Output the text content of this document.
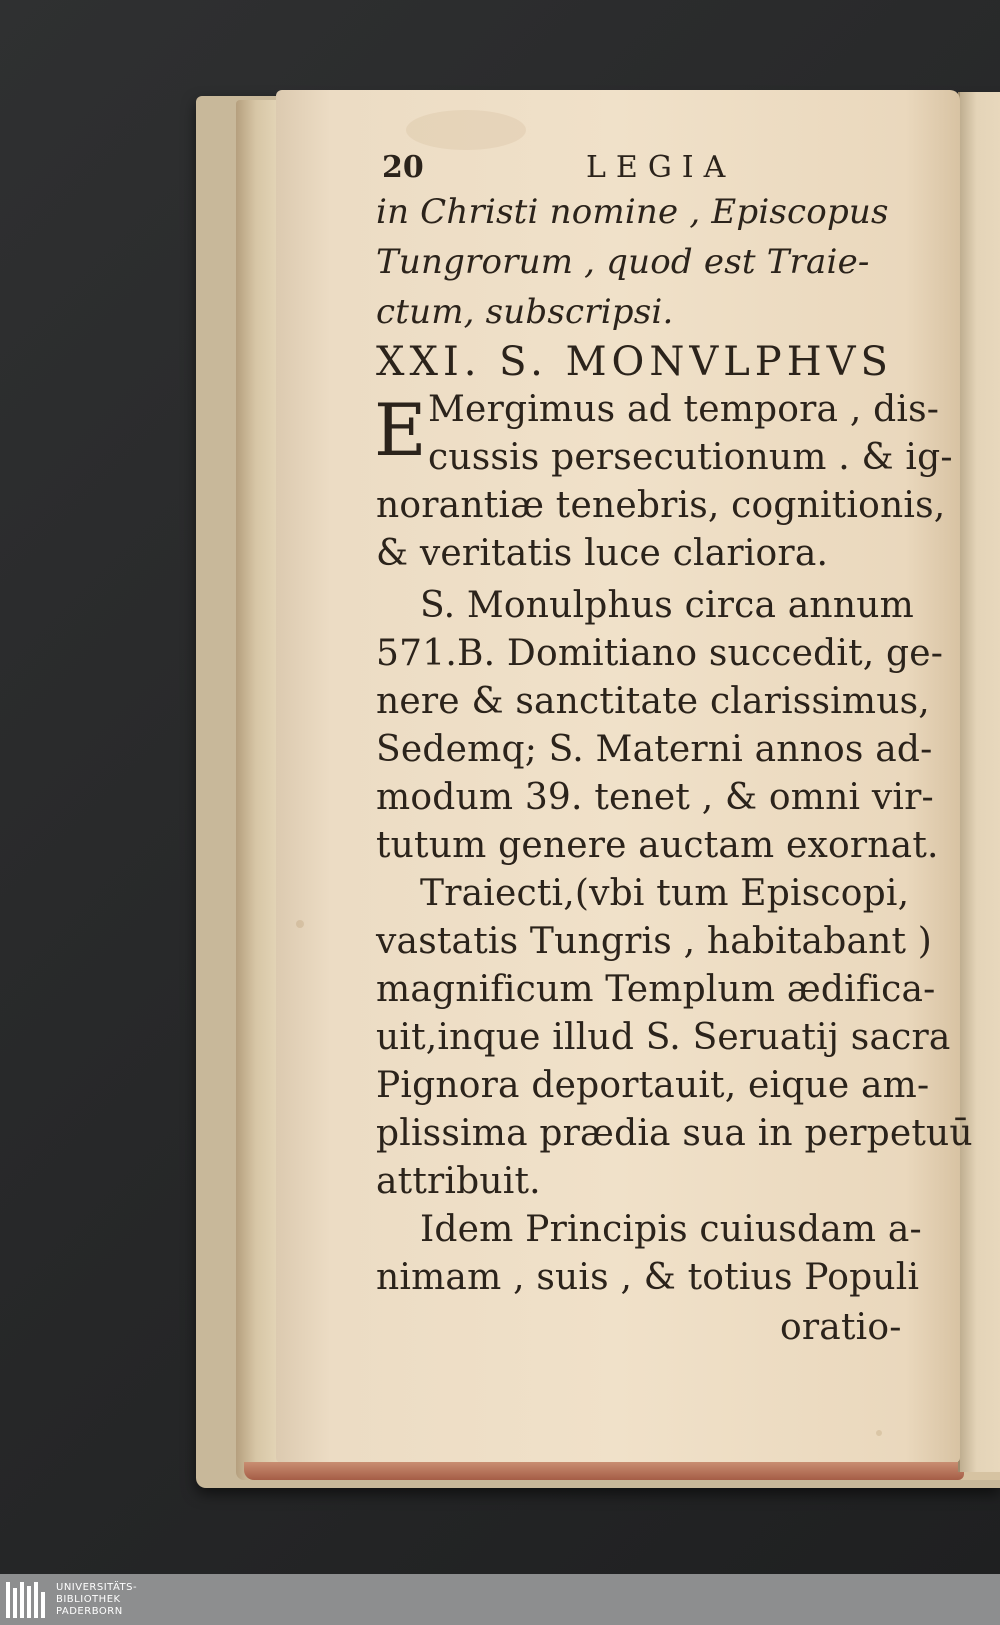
20	LEGIA
in Christi nomine , Episcopus
Tungrorum , quod est Traie-
ctum, subscripsi.
XXI. S. MONVLPHVS
E Mergimus ad tempora , dis-
cussis persecutionum . & ig-
norantiæ tenebris, cognitionis,
& veritatis luce clariora.
S. Monulphus circa annum
571.B. Domitiano succedit, ge-
nere & sanctitate clarissimus,
Sedemq; S. Materni annos ad-
modum 39. tenet , & omni vir-
tutum genere auctam exornat.
Traiecti,(vbi tum Episcopi,
vastatis Tungris , habitabant )
magnificum Templum ædifica-
uit,inque illud S. Seruatij sacra
Pignora deportauit, eique am-
plissima prædia sua in perpetuū
attribuit.
Idem Principis cuiusdam a-
nimam , suis , & totius Populi
oratio-
UNIVERSITÄTS-
BIBLIOTHEK
PADERBORN
